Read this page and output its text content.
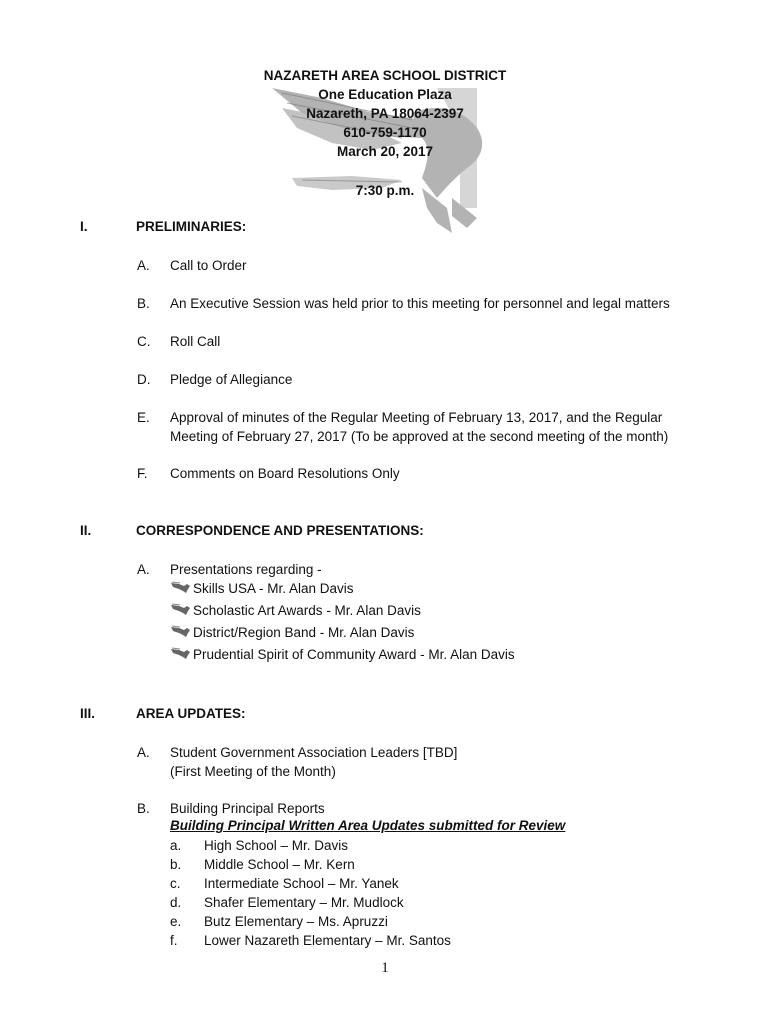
NAZARETH AREA SCHOOL DISTRICT
One Education Plaza
Nazareth, PA 18064-2397
610-759-1170
March 20, 2017
7:30 p.m.
I.	PRELIMINARIES:
A. Call to Order
B. An Executive Session was held prior to this meeting for personnel and legal matters
C. Roll Call
D. Pledge of Allegiance
E. Approval of minutes of the Regular Meeting of February 13, 2017, and the Regular Meeting of February 27, 2017 (To be approved at the second meeting of the month)
F. Comments on Board Resolutions Only
II.	CORRESPONDENCE AND PRESENTATIONS:
A. Presentations regarding -
Skills USA - Mr. Alan Davis
Scholastic Art Awards - Mr. Alan Davis
District/Region Band - Mr. Alan Davis
Prudential Spirit of Community Award - Mr. Alan Davis
III.	AREA UPDATES:
A. Student Government Association Leaders [TBD]
(First Meeting of the Month)
B. Building Principal Reports
Building Principal Written Area Updates submitted for Review
a. High School – Mr. Davis
b. Middle School – Mr. Kern
c. Intermediate School – Mr. Yanek
d. Shafer Elementary – Mr. Mudlock
e. Butz Elementary – Ms. Apruzzi
f. Lower Nazareth Elementary – Mr. Santos
1
